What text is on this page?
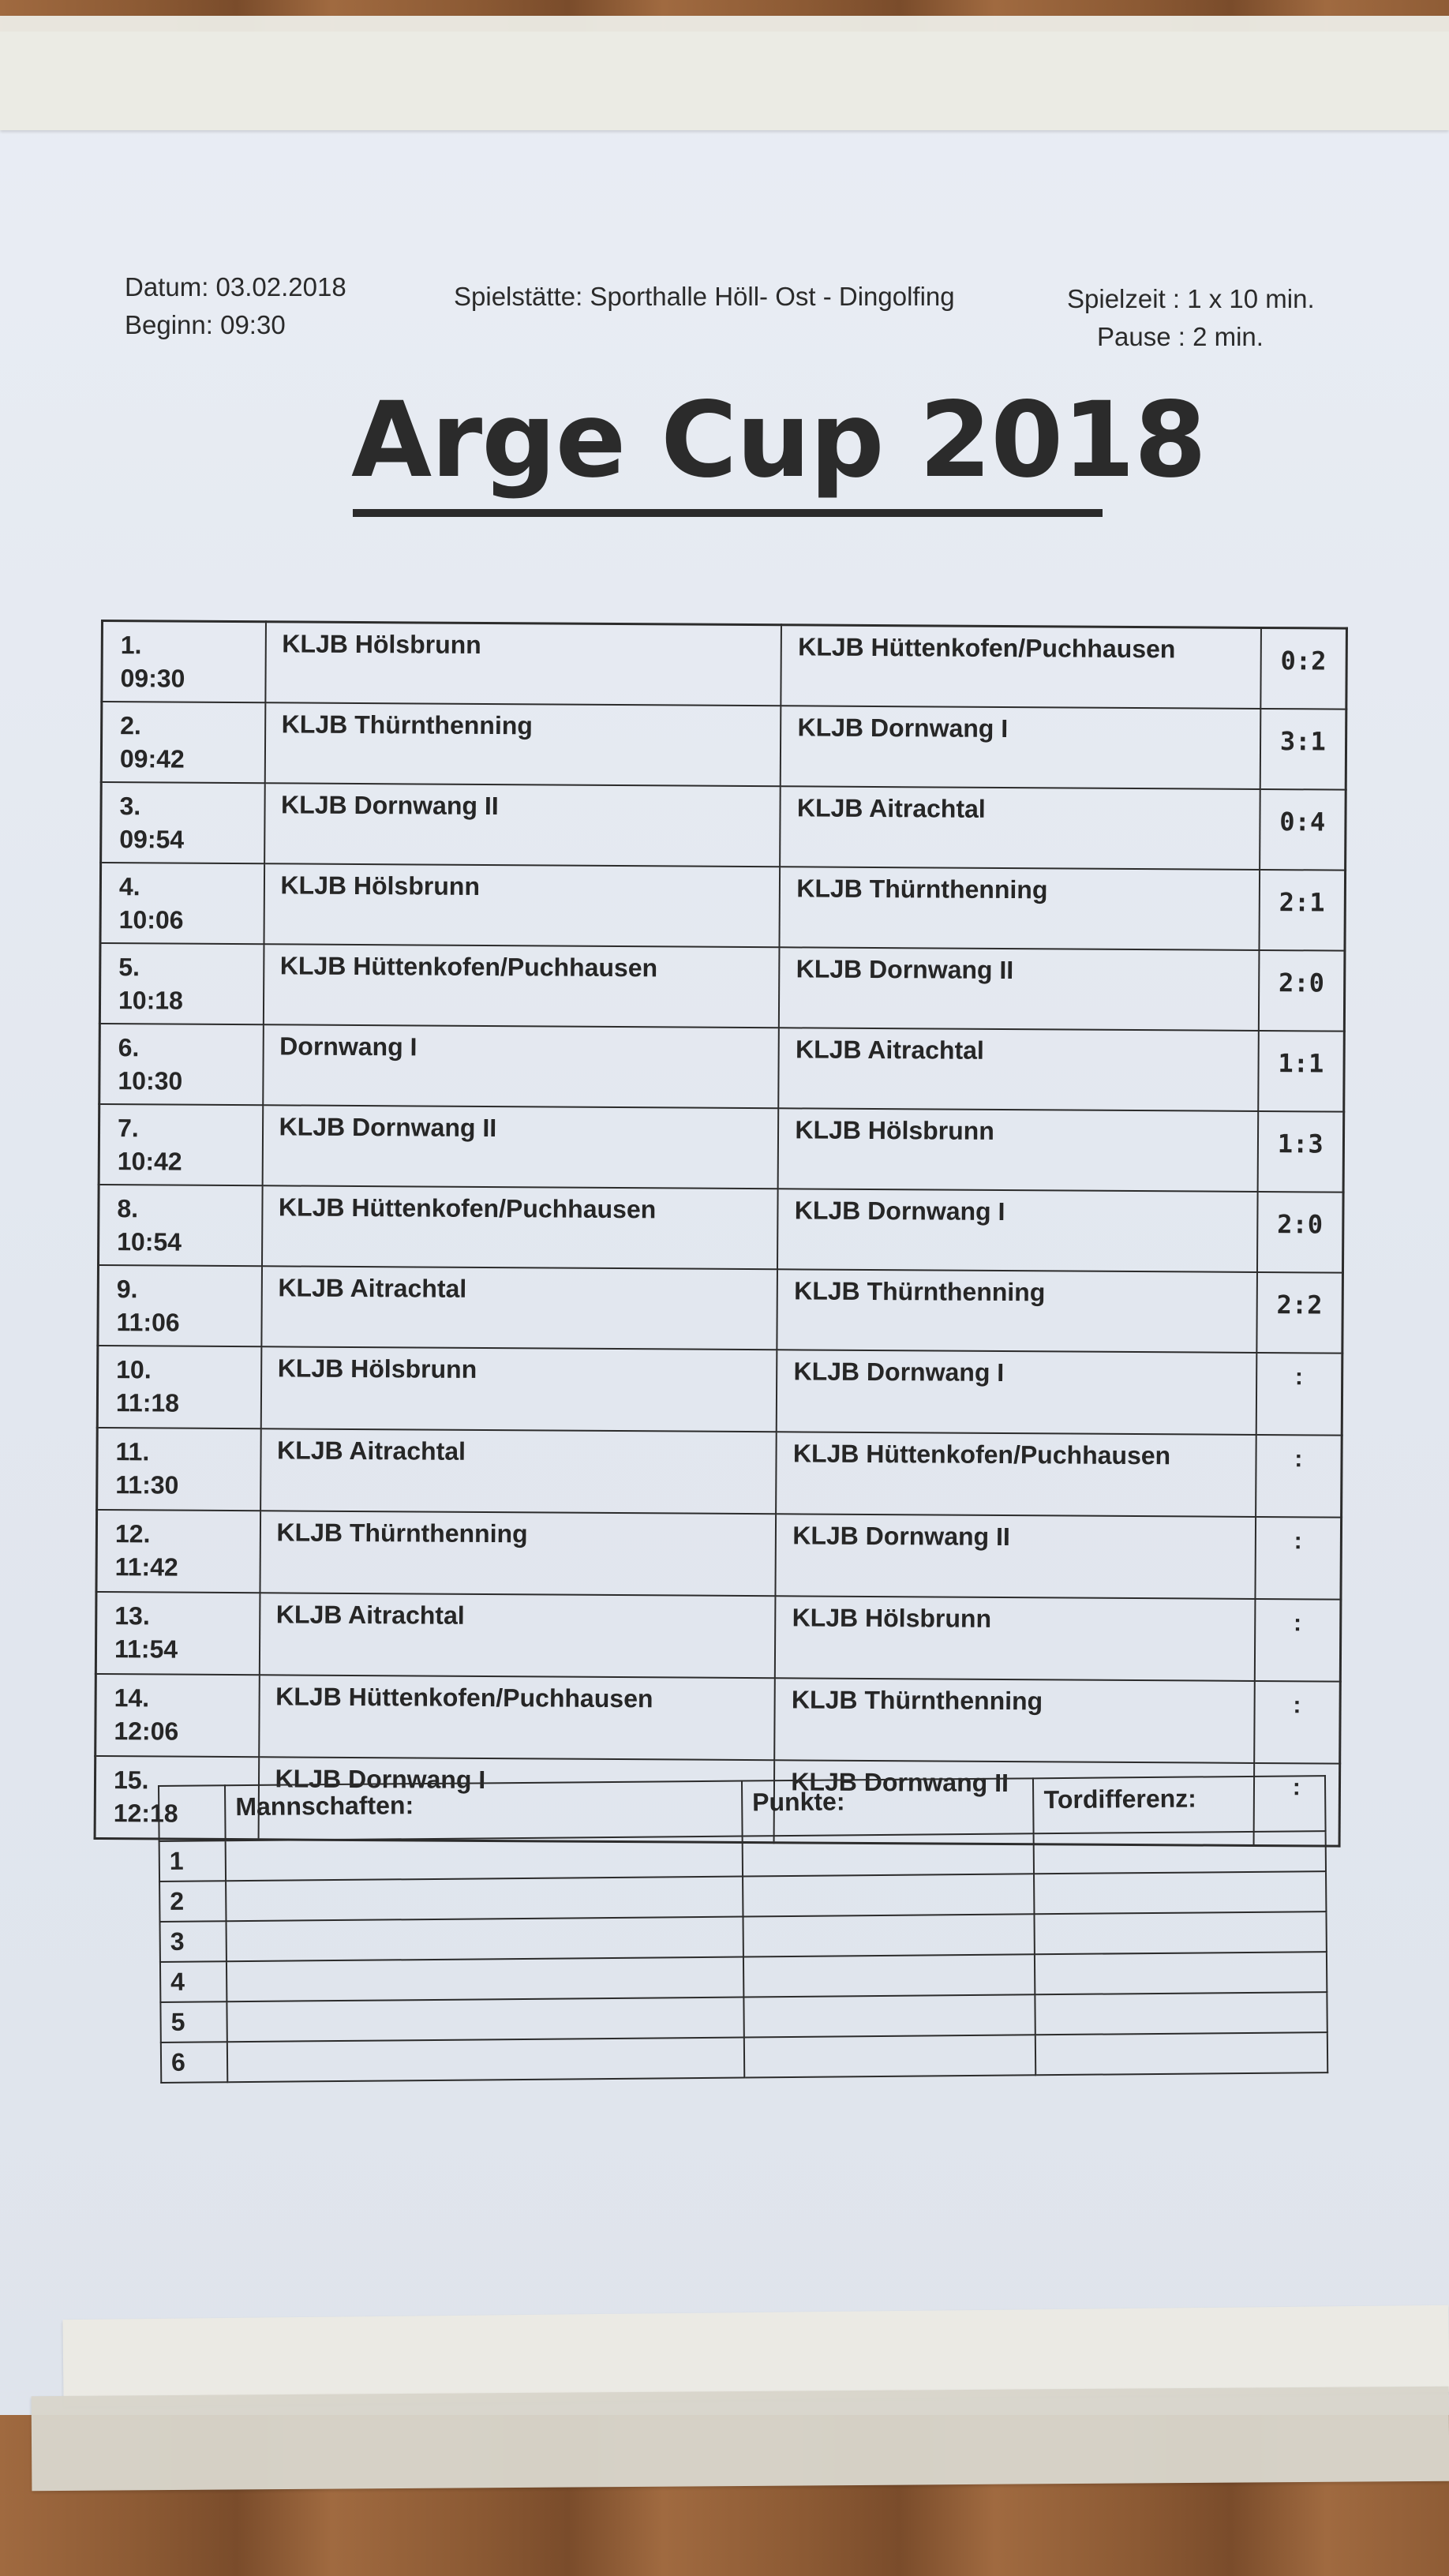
Datum: 03.02.2018
Beginn: 09:30
Spielstätte: Sporthalle Höll- Ost - Dingolfing	Spielzeit : 1 x 10 min.
Pause : 2 min.
Arge Cup 2018
1.
09:30	KLJB Hölsbrunn	KLJB Hüttenkofen/Puchhausen	0:2

2.
09:42	KLJB Thürnthenning	KLJB Dornwang I	3:1

3.
09:54	KLJB Dornwang II	KLJB Aitrachtal	0:4

4.
10:06	KLJB Hölsbrunn	KLJB Thürnthenning	2:1

5.
10:18	KLJB Hüttenkofen/Puchhausen	KLJB Dornwang II	2:0

6.
10:30	Dornwang I	KLJB Aitrachtal	1:1

7.
10:42	KLJB Dornwang II	KLJB Hölsbrunn	1:3

8.
10:54	KLJB Hüttenkofen/Puchhausen	KLJB Dornwang I	2:0

9.
11:06	KLJB Aitrachtal	KLJB Thürnthenning	2:2

10.
11:18	KLJB Hölsbrunn	KLJB Dornwang I	:

11.
11:30	KLJB Aitrachtal	KLJB Hüttenkofen/Puchhausen	:

12.
11:42	KLJB Thürnthenning	KLJB Dornwang II	:

13.
11:54	KLJB Aitrachtal	KLJB Hölsbrunn	:

14.
12:06	KLJB Hüttenkofen/Puchhausen	KLJB Thürnthenning	:

15.
12:18	KLJB Dornwang I	KLJB Dornwang II	:
	Mannschaften:	Punkte:	Tordifferenz:
1			
2			
3			
4			
5			
6			
